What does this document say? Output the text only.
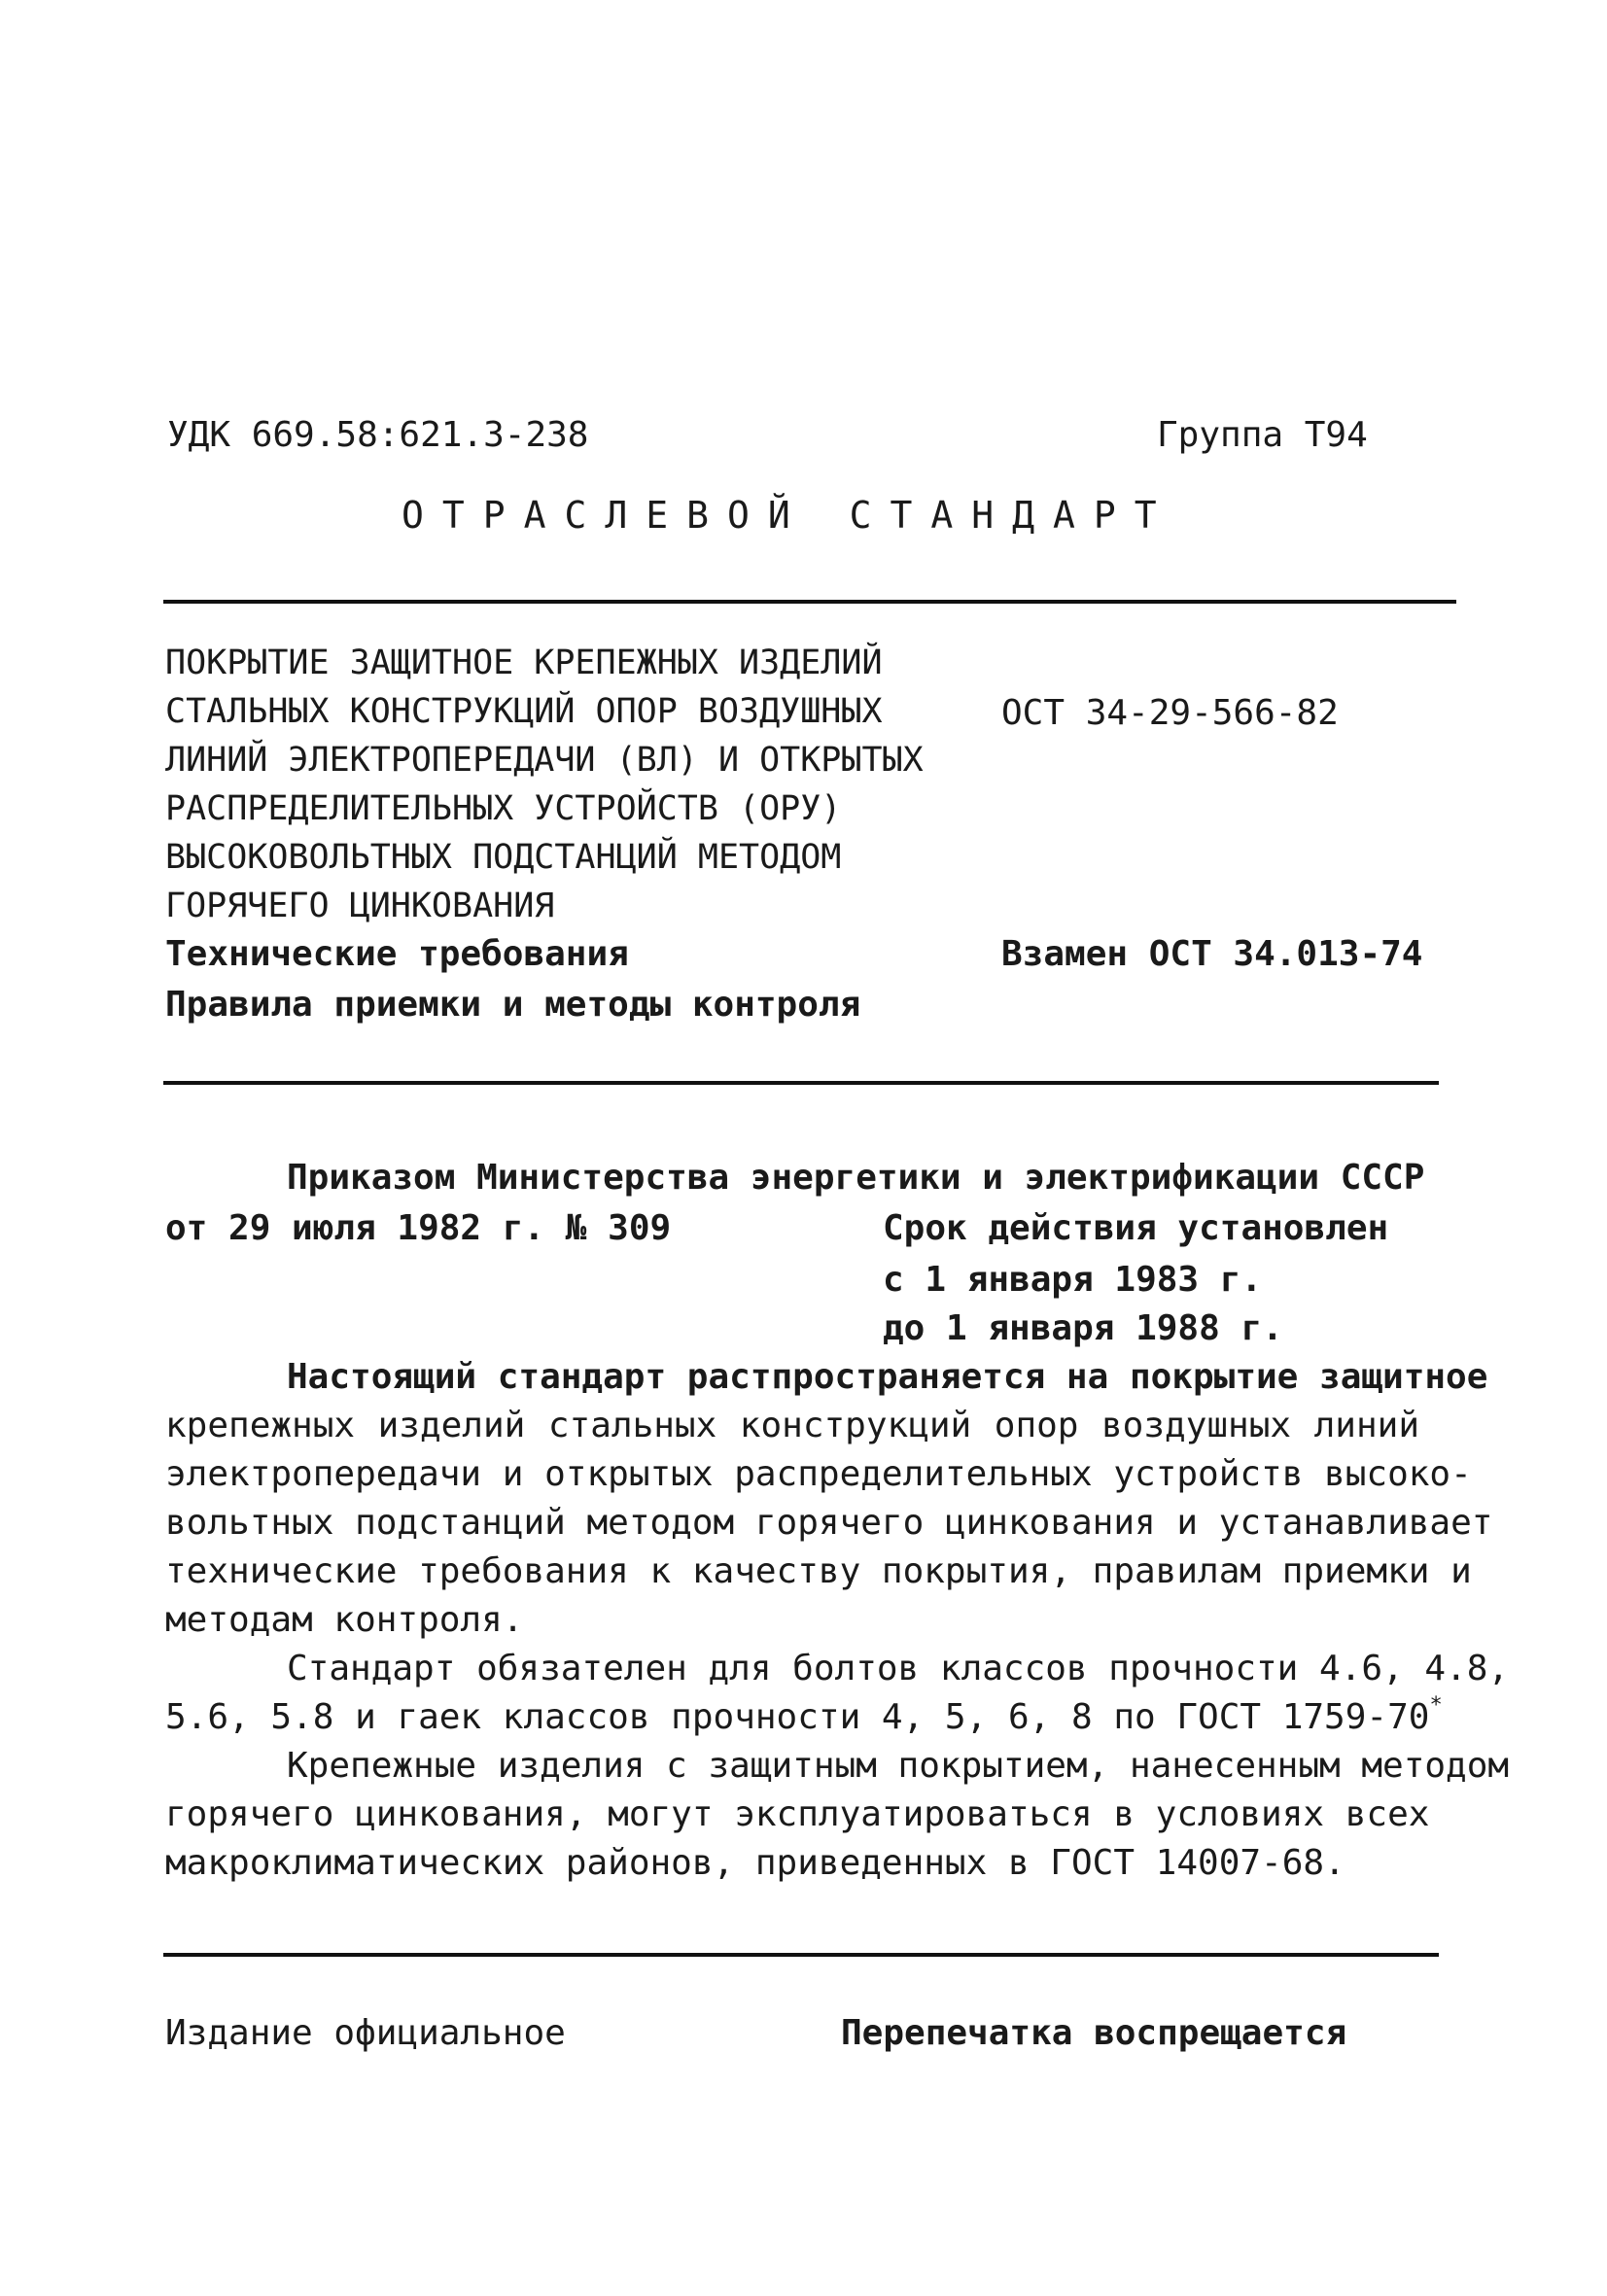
УДК 669.58:621.3-238	Группа Т94
ОТРАСЛЕВОЙ СТАНДАРТ
ПОКРЫТИЕ ЗАЩИТНОЕ КРЕПЕЖНЫХ ИЗДЕЛИЙ
СТАЛЬНЫХ КОНСТРУКЦИЙ ОПОР ВОЗДУШНЫХ
ЛИНИЙ ЭЛЕКТРОПЕРЕДАЧИ (ВЛ) И ОТКРЫТЫХ
РАСПРЕДЕЛИТЕЛЬНЫХ УСТРОЙСТВ (ОРУ)
ВЫСОКОВОЛЬТНЫХ ПОДСТАНЦИЙ МЕТОДОМ
ГОРЯЧЕГО ЦИНКОВАНИЯ
ОСТ 34-29-566-82
Технические требования
Правила приемки и методы контроля
Взамен ОСТ 34.013-74
Приказом Министерства энергетики и электрификации СССР
от 29 июля 1982 г. № 309	Срок действия установлен
с 1 января 1983 г.
до 1 января 1988 г.
Настоящий стандарт растпространяется на покрытие защитное
крепежных изделий стальных конструкций опор воздушных линий
электропередачи и открытых распределительных устройств высоко-
вольтных подстанций методом горячего цинкования и устанавливает
технические требования к качеству покрытия, правилам приемки и
методам контроля.
Стандарт обязателен для болтов классов прочности 4.6, 4.8,
5.6, 5.8 и гаек классов прочности 4, 5, 6, 8 по ГОСТ 1759-70*
Крепежные изделия с защитным покрытием, нанесенным методом
горячего цинкования, могут эксплуатироваться в условиях всех
макроклиматических районов, приведенных в ГОСТ 14007-68.
Издание официальное	Перепечатка воспрещается
